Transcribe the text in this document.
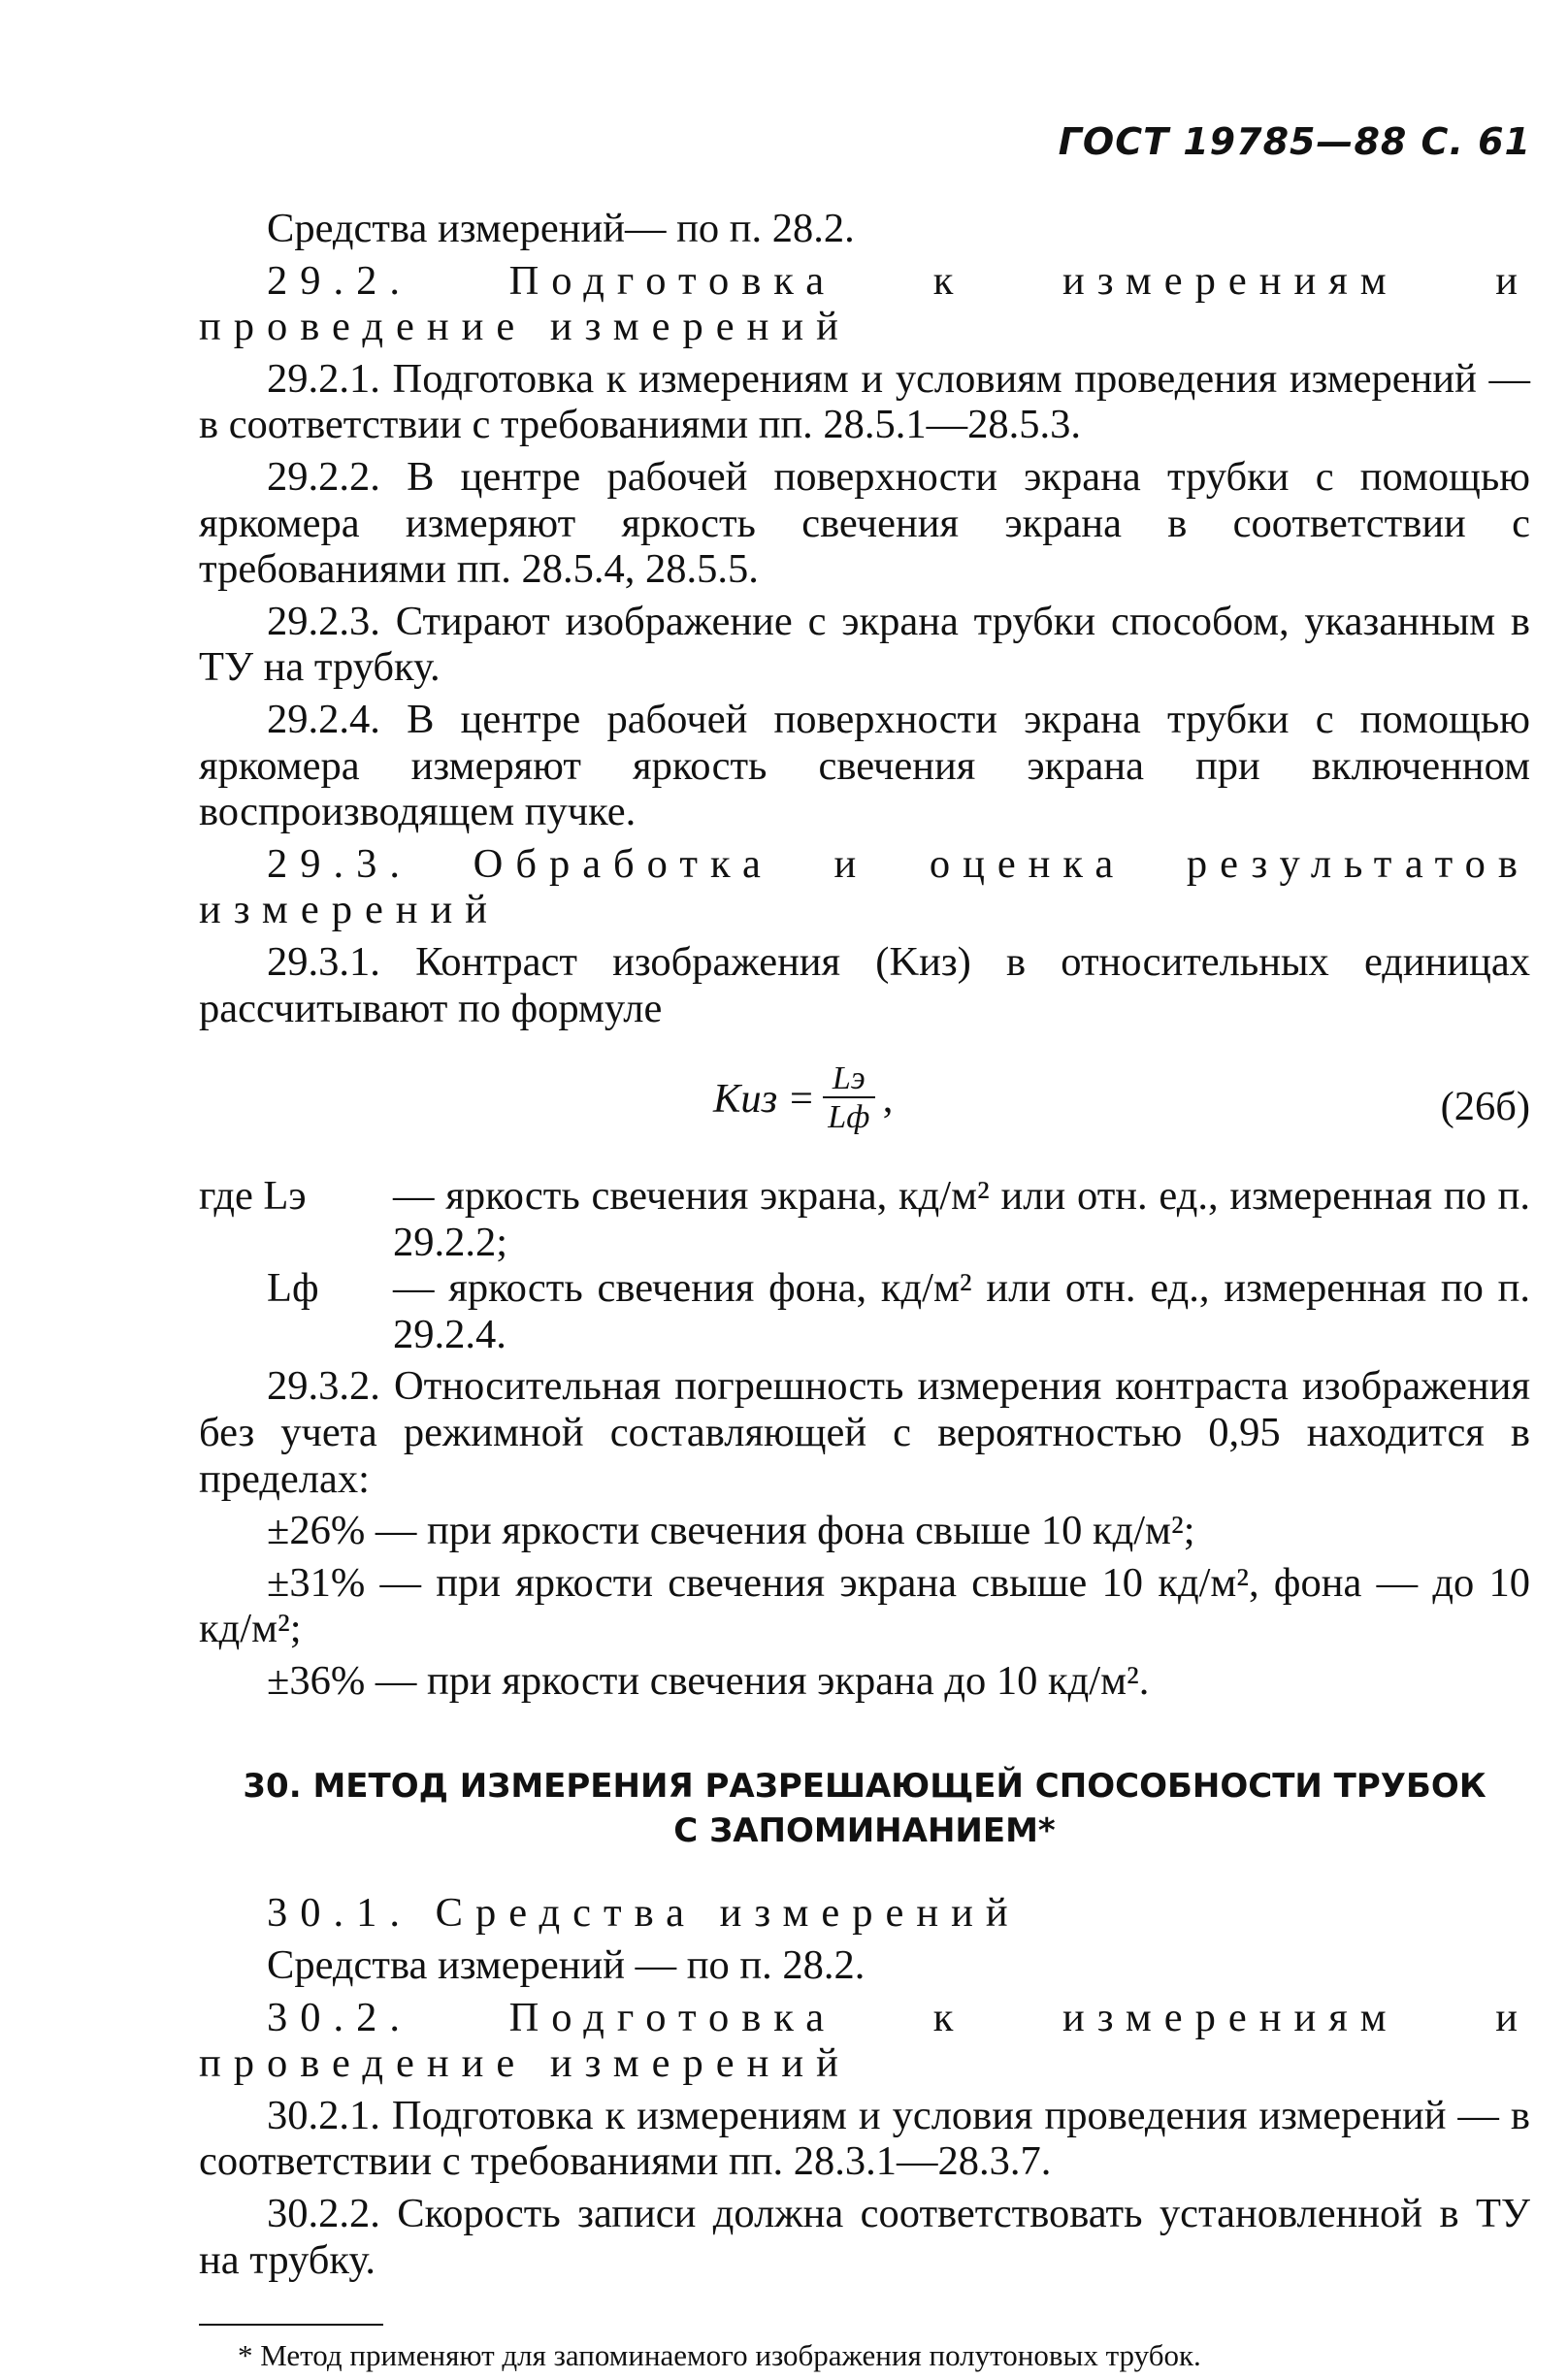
ГОСТ 19785—88 С. 61

Средства измерений— по п. 28.2.

29.2. Подготовка к измерениям и проведение измерений

29.2.1. Подготовка к измерениям и условиям проведения измерений — в соответствии с требованиями пп. 28.5.1—28.5.3.

29.2.2. В центре рабочей поверхности экрана трубки с помощью яркомера измеряют яркость свечения экрана в соответствии с требованиями пп. 28.5.4, 28.5.5.

29.2.3. Стирают изображение с экрана трубки способом, указанным в ТУ на трубку.

29.2.4. В центре рабочей поверхности экрана трубки с помощью яркомера измеряют яркость свечения экрана при включенном воспроизводящем пучке.

29.3. Обработка и оценка результатов измерений

29.3.1. Контраст изображения (Kиз) в относительных единицах рассчитывают по формуле

Kиз = $\frac{Lэ}{Lф}$ ,	(26б)
где Lэ	— яркость свечения экрана, кд/м² или отн. ед., измеренная по п. 29.2.2;
Lф	— яркость свечения фона, кд/м² или отн. ед., измеренная по п. 29.2.4.

29.3.2. Относительная погрешность измерения контраста изображения без учета режимной составляющей с вероятностью 0,95 находится в пределах:

±26% — при яркости свечения фона свыше 10 кд/м²;

±31% — при яркости свечения экрана свыше 10 кд/м², фона — до 10 кд/м²;

±36% — при яркости свечения экрана до 10 кд/м².

30. МЕТОД ИЗМЕРЕНИЯ РАЗРЕШАЮЩЕЙ СПОСОБНОСТИ ТРУБОК
С ЗАПОМИНАНИЕМ*

30.1. Средства измерений

Средства измерений — по п. 28.2.

30.2. Подготовка к измерениям и проведение измерений

30.2.1. Подготовка к измерениям и условия проведения измерений — в соответствии с требованиями пп. 28.3.1—28.3.7.

30.2.2. Скорость записи должна соответствовать установленной в ТУ на трубку.

* Метод применяют для запоминаемого изображения полутоновых трубок.
